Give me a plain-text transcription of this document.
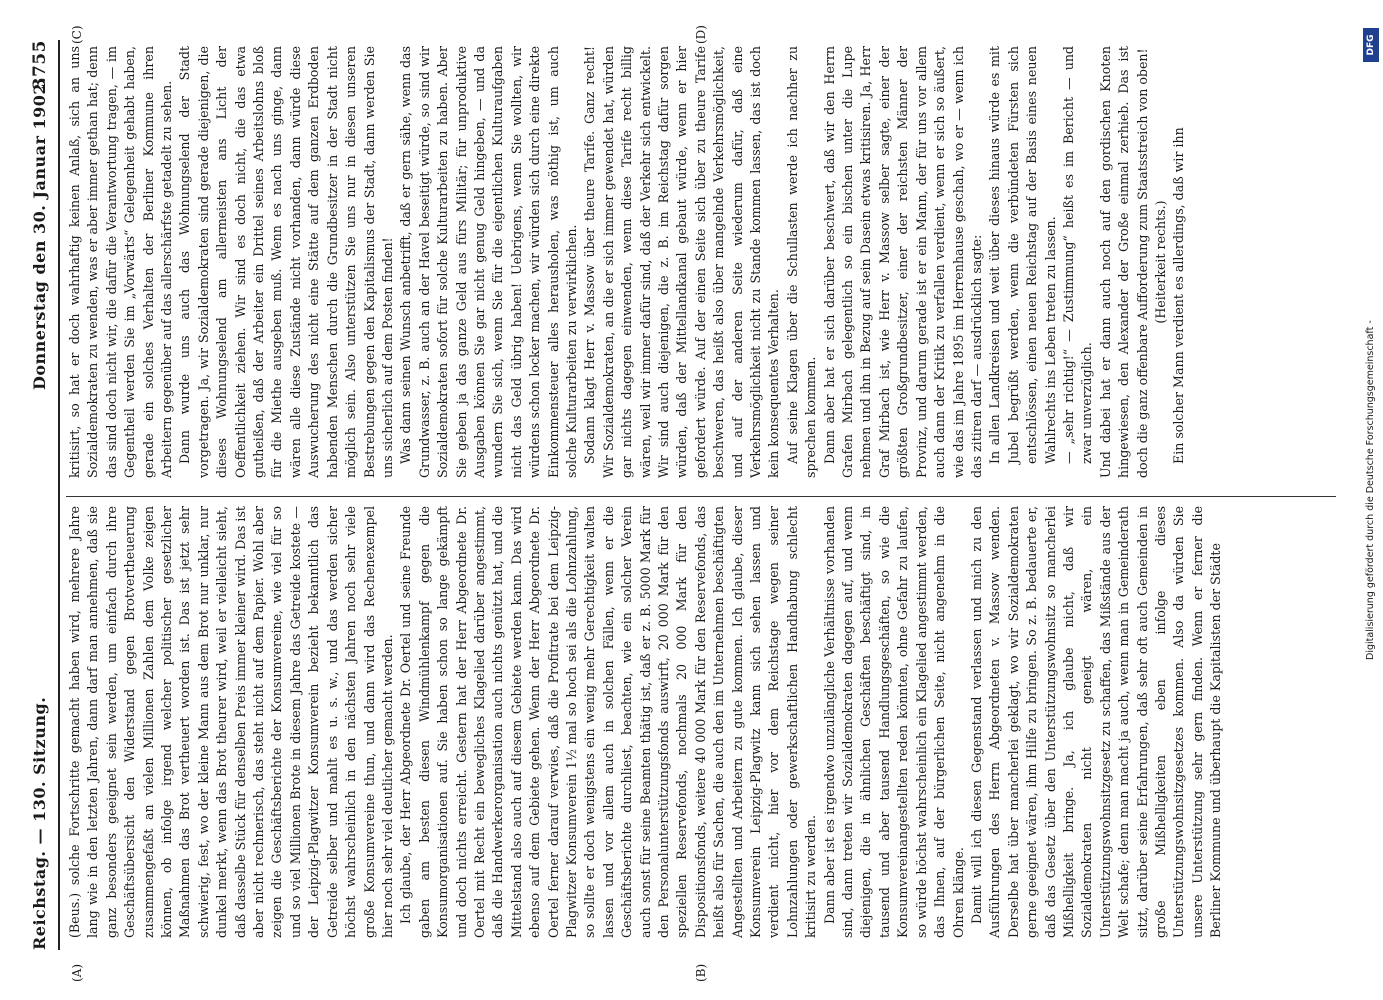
Reichstag. — 130. Sitzung.
Donnerstag den 30. Januar 1902.
3755
(A)	(B)
(C)	(D)

(Beus.) solche Fortschritte gemacht haben wird, mehrere Jahre lang wie in den letzten Jahren, dann darf man annehmen, daß sie ganz besonders geeignet sein werden, um einfach durch ihre Geschäftsübersicht den Widerstand gegen Brotvertheuerung zusammengefaßt an vielen Millionen Zahlen dem Volke zeigen können, ob infolge irgend welcher politischer gesetzlicher Maßnahmen das Brot vertheuert worden ist. Das ist jetzt sehr schwierig, fest, wo der kleine Mann aus dem Brot nur unklar, nur dunkel merkt, wenn das Brot theurer wird, weil er vielleicht sieht, daß dasselbe Stück für denselben Preis immer kleiner wird. Das ist aber nicht rechnerisch, das steht nicht auf dem Papier. Wohl aber zeigen die Geschäftsberichte der Konsumvereine, wie viel für so und so viel Millionen Brote in diesem Jahre das Getreide kostete — der Leipzig-Plagwitzer Konsumverein bezieht bekanntlich das Getreide selber und mahlt es u. s. w., und das werden sicher höchst wahrscheinlich in den nächsten Jahren noch sehr viele große Konsumvereine thun, und dann wird das Rechenexempel hier noch sehr viel deutlicher gemacht werden. Ich glaube, der Herr Abgeordnete Dr. Oertel und seine Freunde gaben am besten diesen Windmühlenkampf gegen die Konsumorganisationen auf. Sie haben schon so lange gekämpft und doch nichts erreicht. Gestern hat der Herr Abgeordnete Dr. Oertel mit Recht ein bewegliches Klagelied darüber angestimmt, daß die Handwerkerorganisation auch nichts genützt hat, und die Mittelstand also auch auf diesem Gebiete werden kann. Das wird ebenso auf dem Gebiete gehen. Wenn der Herr Abgeordnete Dr. Oertel ferner darauf verwies, daß die Profitrate bei dem Leipzig-Plagwitzer Konsumverein 1½ mal so hoch sei als die Lohnzahlung, so sollte er doch wenigstens ein wenig mehr Gerechtigkeit walten lassen und vor allem auch in solchen Fällen, wenn er die Geschäftsberichte durchliest, beachten, wie ein solcher Verein auch sonst für seine Beamten thätig ist, daß er z. B. 5000 Mark für den Personalunterstützungsfonds auswirft, 20 000 Mark für den speziellen Reservefonds, nochmals 20 000 Mark für den Dispositionsfonds, weitere 40 000 Mark für den Reservefonds, das heißt also für Sachen, die auch den im Unternehmen beschäftigten Angestellten und Arbeitern zu gute kommen. Ich glaube, dieser Konsumverein Leipzig-Plagwitz kann sich sehen lassen und verdient nicht, hier vor dem Reichstage wegen seiner Lohnzahlungen oder gewerkschaftlichen Handhabung schlecht kritisirt zu werden. Dann aber ist es irgendwo unzulängliche Verhältnisse vorhanden sind, dann treten wir Sozialdemokraten dagegen auf, und wenn diejenigen, die in ähnlichen Geschäften beschäftigt sind, in tausend und aber tausend Handlungsgeschäften, so wie die Konsumvereinangestellten reden könnten, ohne Gefahr zu laufen, so würde höchst wahrscheinlich ein Klagelied angestimmt werden, das Ihnen, auf der bürgerlichen Seite, nicht angenehm in die Ohren klänge. Damit will ich diesen Gegenstand verlassen und mich zu den Ausführungen des Herrn Abgeordneten v. Massow wenden. Derselbe hat über mancherlei geklagt, wo wir Sozialdemokraten gerne geeignet wären, ihm Hilfe zu bringen. So z. B. bedauerte er, daß das Gesetz über den Unterstützungswohnsitz so mancherlei Mißhelligkeit bringe. Ja, ich glaube nicht, daß wir Sozialdemokraten nicht geneigt wären, ein Unterstützungswohnsitzgesetz zu schaffen, das Mißstände aus der Welt schafe; denn man macht ja auch, wenn man in Gemeinderath sitzt, darüber seine Erfahrungen, daß sehr oft auch Gemeinden in große Mißhelligkeiten eben infolge dieses Unterstützungswohnsitzgesetzes kommen. Also da würden Sie unsere Unterstützung sehr gern finden. Wenn er ferner die Berliner Kommune und überhaupt die Kapitalisten der Städte

kritisirt, so hat er doch wahrhaftig keinen Anlaß, sich an uns Sozialdemokraten zu wenden, was er aber immer gethan hat; denn das sind doch nicht wir, die dafür die Verantwortung tragen, — im Gegentheil werden Sie im „Vorwärts“ Gelegenheit gehabt haben, gerade ein solches Verhalten der Berliner Kommune ihren Arbeitern gegenüber auf das allerschärfste getadelt zu sehen. Dann wurde uns auch das Wohnungselend der Stadt vorgetragen. Ja, wir Sozialdemokraten sind gerade diejenigen, die dieses Wohnungselend am allermeisten ans Licht der Oeffentlichkeit ziehen. Wir sind es doch nicht, die das etwa gutheißen, daß der Arbeiter ein Drittel seines Arbeitslohns bloß für die Miethe ausgeben muß. Wenn es nach uns ginge, dann wären alle diese Zustände nicht vorhanden, dann würde diese Auswucherung des nicht eine Stätte auf dem ganzen Erdboden habenden Menschen durch die Grundbesitzer in der Stadt nicht möglich sein. Also unterstützen Sie uns nur in diesen unseren Bestrebungen gegen den Kapitalismus der Stadt, dann werden Sie uns sicherlich auf dem Posten finden! Was dann seinen Wunsch anbetrifft, daß er gern sähe, wenn das Grundwasser, z. B. auch an der Havel beseitigt würde, so sind wir Sozialdemokraten sofort für solche Kulturarbeiten zu haben. Aber Sie geben ja das ganze Geld aus fürs Militär; für unproduktive Ausgaben können Sie gar nicht genug Geld hingeben, — und da wundern Sie sich, wenn Sie für die eigentlichen Kulturaufgaben nicht das Geld übrig haben! Uebrigens, wenn Sie wollten, wir würdens schon locker machen, wir würden sich durch eine direkte Einkommensteuer alles herausholen, was nöthig ist, um auch solche Kulturarbeiten zu verwirklichen. Sodann klagt Herr v. Massow über theure Tarife. Ganz recht! Wir Sozialdemokraten, an die er sich immer gewendet hat, würden gar nichts dagegen einwenden, wenn diese Tarife recht billig wären, weil wir immer dafür sind, daß der Verkehr sich entwickelt. Wir sind auch diejenigen, die z. B. im Reichstag dafür sorgen würden, daß der Mittellandkanal gebaut würde, wenn er hier gefordert würde. Auf der einen Seite sich über zu theure Tarife beschweren, das heißt also über mangelnde Verkehrsmöglichkeit, und auf der anderen Seite wiederum dafür, daß eine Verkehrsmöglichkeit nicht zu Stande kommen lassen, das ist doch kein konsequentes Verhalten. Auf seine Klagen über die Schullasten werde ich nachher zu sprechen kommen. Dann aber hat er sich darüber beschwert, daß wir den Herrn Grafen Mirbach gelegentlich so ein bischen unter die Lupe nehmen und ihn in Bezug auf sein Dasein etwas kritisiren. Ja, Herr Graf Mirbach ist, wie Herr v. Massow selber sagte, einer der größten Großgrundbesitzer, einer der reichsten Männer der Provinz, und darum gerade ist er ein Mann, der für uns vor allem auch dann der Kritik zu verfallen verdient, wenn er sich so äußert, wie das im Jahre 1895 im Herrenhause geschah, wo er — wenn ich das zitiren darf — ausdrücklich sagte: In allen Landkreisen und weit über dieses hinaus würde es mit Jubel begrüßt werden, wenn die verbündeten Fürsten sich entschlössen, einen neuen Reichstag auf der Basis eines neuen Wahlrechts ins Leben treten zu lassen. — „sehr richtig!“ — Zustimmung“ heißt es im Bericht — und zwar unverzüglich. Und dabei hat er dann auch noch auf den gordischen Knoten hingewiesen, den Alexander der Große einmal zerhieb. Das ist doch die ganz offenbare Aufforderung zum Staatsstreich von oben! (Heiterkeit rechts.) Ein solcher Mann verdient es allerdings, daß wir ihn

Digitalisierung gefördert durch die Deutsche Forschungsgemeinschaft -
DFG
